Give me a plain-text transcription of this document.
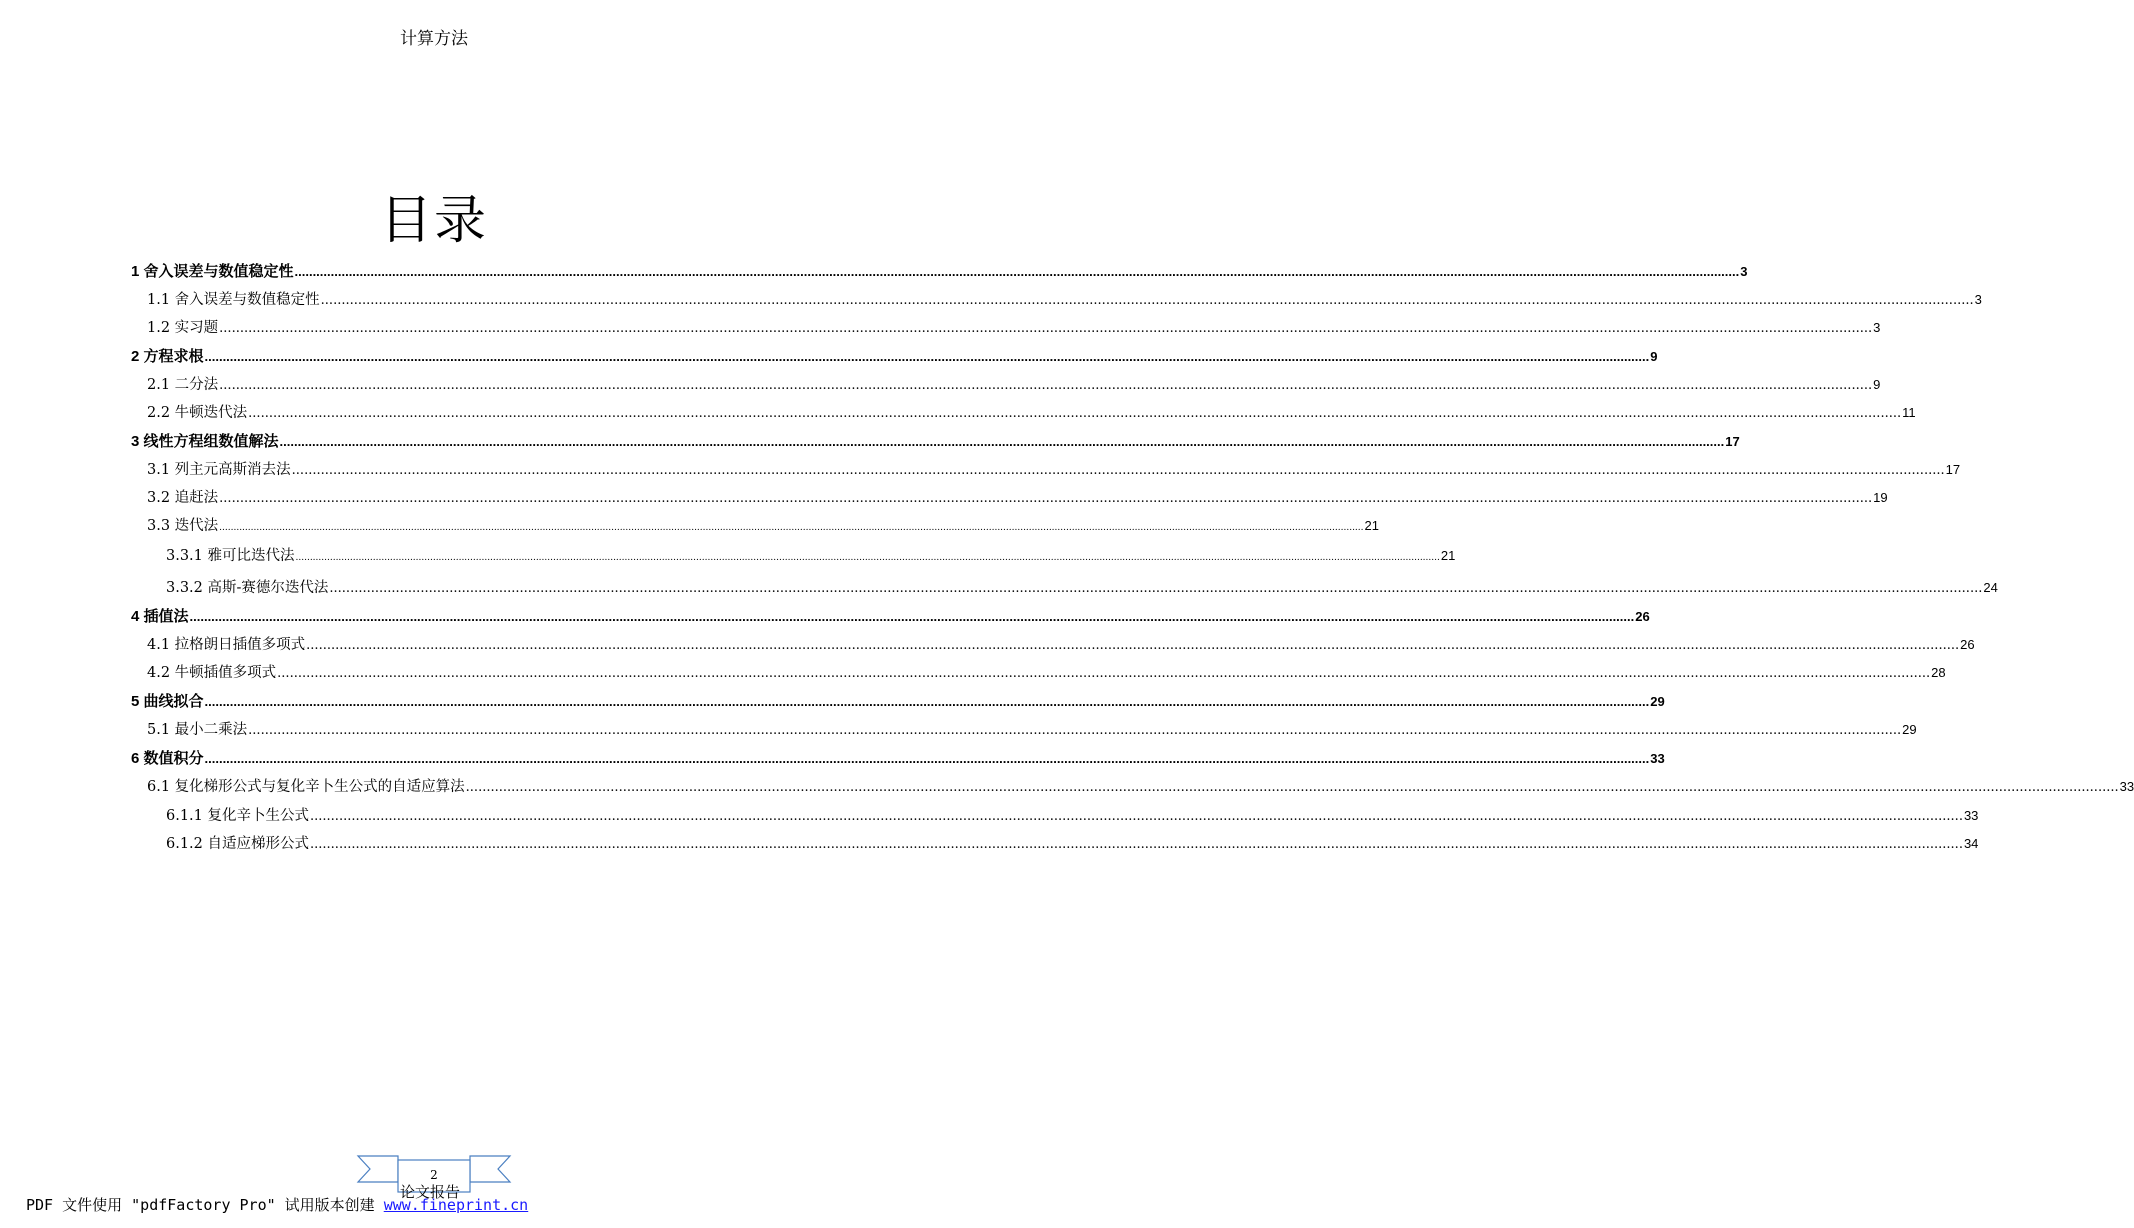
计算方法
目录
1 舍入误差与数值稳定性 ................................................................................................................................................................................................................................................................................................................................................................................................................ 3
1.1 舍入误差与数值稳定性 ................................................................................................................................................................................................................................................................................................................................................................................................................ 3
1.2 实习题 ................................................................................................................................................................................................................................................................................................................................................................................................................ 3
2 方程求根 ................................................................................................................................................................................................................................................................................................................................................................................................................ 9
2.1 二分法 ................................................................................................................................................................................................................................................................................................................................................................................................................ 9
2.2 牛顿迭代法 ................................................................................................................................................................................................................................................................................................................................................................................................................ 11
3 线性方程组数值解法 ................................................................................................................................................................................................................................................................................................................................................................................................................ 17
3.1 列主元高斯消去法 ................................................................................................................................................................................................................................................................................................................................................................................................................ 17
3.2 追赶法 ................................................................................................................................................................................................................................................................................................................................................................................................................ 19
3.3 迭代法 ................................................................................................................................................................................................................................................................................................................................................................................................................ 21
3.3.1 雅可比迭代法 ................................................................................................................................................................................................................................................................................................................................................................................................................ 21
3.3.2 高斯-赛德尔迭代法 ................................................................................................................................................................................................................................................................................................................................................................................................................ 24
4 插值法 ................................................................................................................................................................................................................................................................................................................................................................................................................ 26
4.1 拉格朗日插值多项式 ................................................................................................................................................................................................................................................................................................................................................................................................................ 26
4.2 牛顿插值多项式 ................................................................................................................................................................................................................................................................................................................................................................................................................ 28
5 曲线拟合 ................................................................................................................................................................................................................................................................................................................................................................................................................ 29
5.1 最小二乘法 ................................................................................................................................................................................................................................................................................................................................................................................................................ 29
6 数值积分 ................................................................................................................................................................................................................................................................................................................................................................................................................ 33
6.1 复化梯形公式与复化辛卜生公式的自适应算法 ................................................................................................................................................................................................................................................................................................................................................................................................................ 33
6.1.1 复化辛卜生公式 ................................................................................................................................................................................................................................................................................................................................................................................................................ 33
6.1.2 自适应梯形公式 ................................................................................................................................................................................................................................................................................................................................................................................................................ 34
2
论文报告
PDF 文件使用 "pdfFactory Pro" 试用版本创建 www.fineprint.cn
